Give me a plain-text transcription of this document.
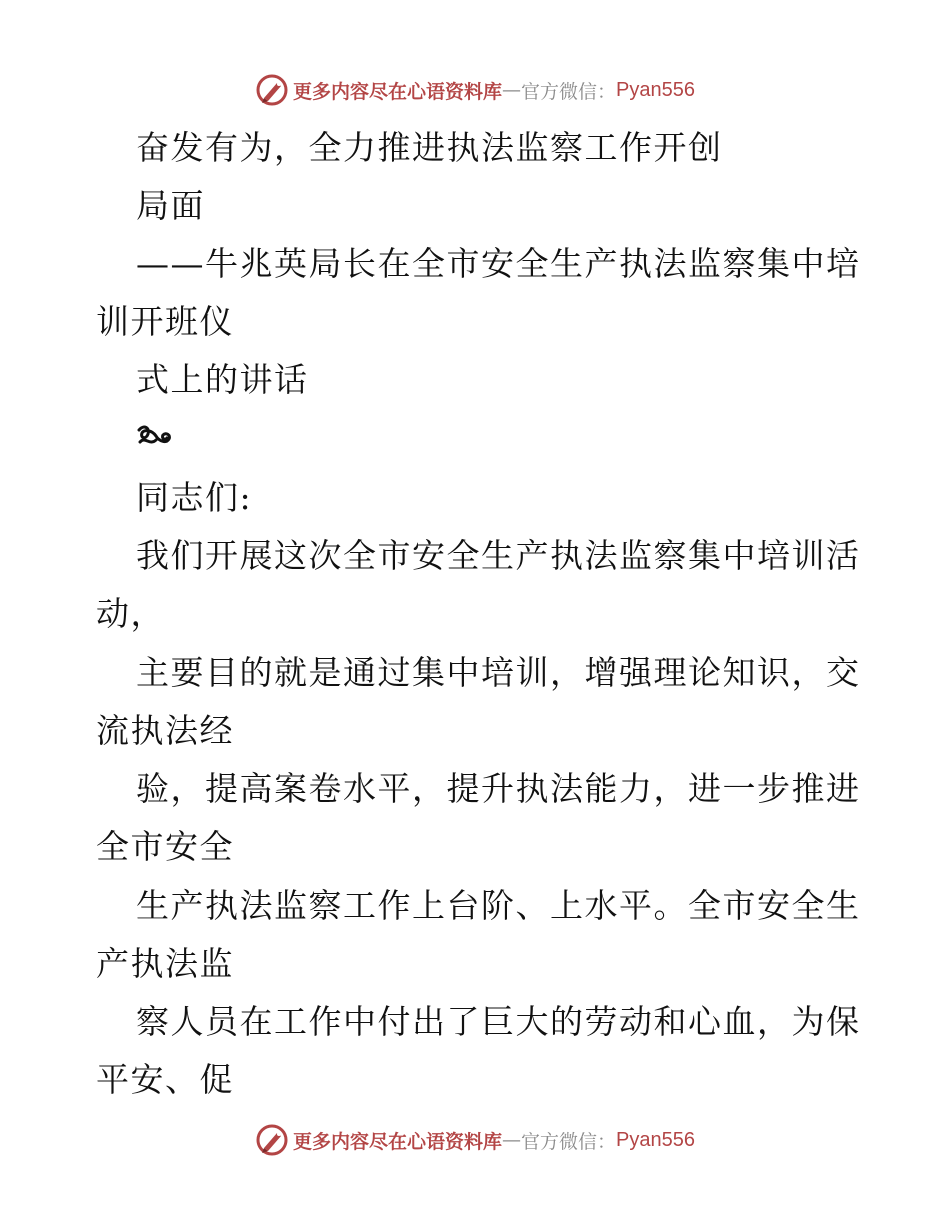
更多内容尽在心语资料库 — 官方微信： Pyan556
奋发有为，全力推进执法监察工作开创
局面
——牛兆英局长在全市安全生产执法监察集中培
训开班仪
式上的讲话
同志们:
我们开展这次全市安全生产执法监察集中培训活
动，
主要目的就是通过集中培训，增强理论知识，交
流执法经
验，提高案卷水平，提升执法能力，进一步推进
全市安全
生产执法监察工作上台阶、上水平。全市安全生
产执法监
察人员在工作中付出了巨大的劳动和心血，为保
平安、促
更多内容尽在心语资料库 — 官方微信： Pyan556
